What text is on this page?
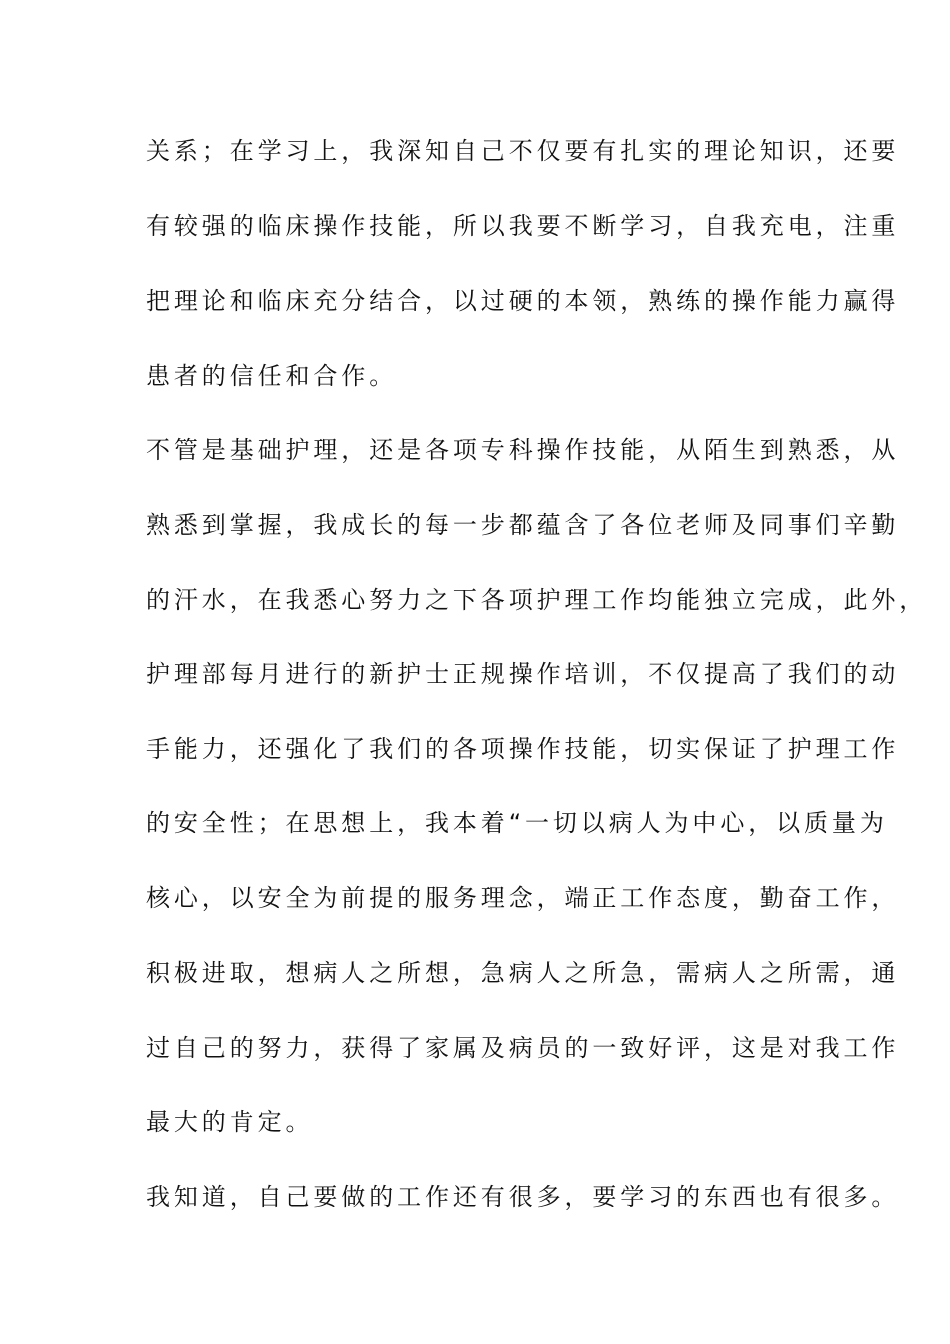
关系；在学习上，我深知自己不仅要有扎实的理论知识，还要
有较强的临床操作技能，所以我要不断学习，自我充电，注重
把理论和临床充分结合，以过硬的本领，熟练的操作能力赢得
患者的信任和合作。
不管是基础护理，还是各项专科操作技能，从陌生到熟悉，从
熟悉到掌握，我成长的每一步都蕴含了各位老师及同事们辛勤
的汗水，在我悉心努力之下各项护理工作均能独立完成，此外，
护理部每月进行的新护士正规操作培训，不仅提高了我们的动
手能力，还强化了我们的各项操作技能，切实保证了护理工作
的安全性；在思想上，我本着“一切以病人为中心，以质量为
核心，以安全为前提的服务理念，端正工作态度，勤奋工作，
积极进取，想病人之所想，急病人之所急，需病人之所需，通
过自己的努力，获得了家属及病员的一致好评，这是对我工作
最大的肯定。
我知道，自己要做的工作还有很多，要学习的东西也有很多。
